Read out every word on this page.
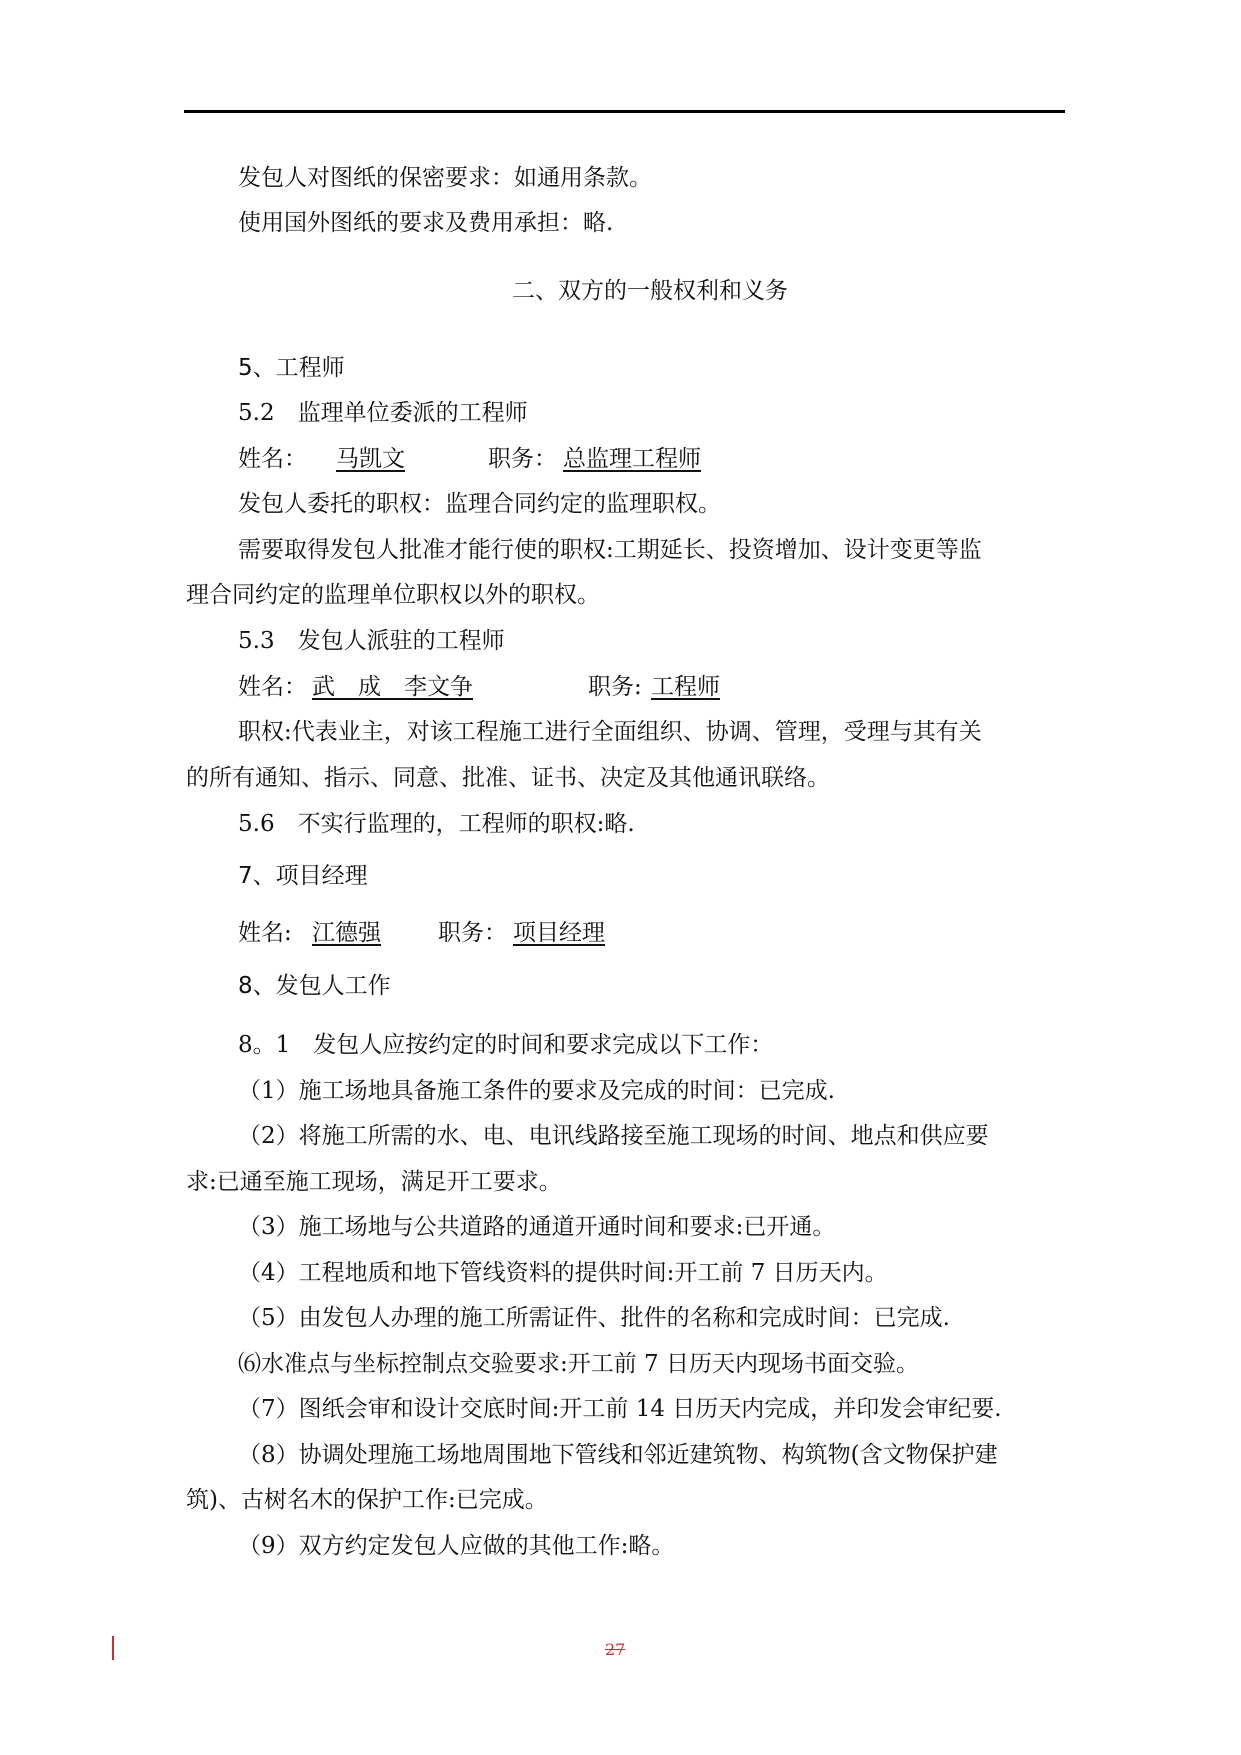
发包人对图纸的保密要求：如通用条款。
使用国外图纸的要求及费用承担：略.
二、双方的一般权利和义务
5、工程师
5.2　监理单位委派的工程师
姓名： 马凯文	职务： 总监理工程师
发包人委托的职权：监理合同约定的监理职权。
需要取得发包人批准才能行使的职权:工期延长、投资增加、设计变更等监
理合同约定的监理单位职权以外的职权。
5.3　发包人派驻的工程师
姓名： 武　成　李文争	职务: 工程师
职权:代表业主，对该工程施工进行全面组织、协调、管理，受理与其有关
的所有通知、指示、同意、批准、证书、决定及其他通讯联络。
5.6　不实行监理的，工程师的职权:略.
7、项目经理
姓名: 江德强 职务： 项目经理
8、发包人工作
8。1　发包人应按约定的时间和要求完成以下工作：
（1）施工场地具备施工条件的要求及完成的时间：已完成.
（2）将施工所需的水、电、电讯线路接至施工现场的时间、地点和供应要
求:已通至施工现场，满足开工要求。
（3）施工场地与公共道路的通道开通时间和要求:已开通。
（4）工程地质和地下管线资料的提供时间:开工前 7 日历天内。
（5）由发包人办理的施工所需证件、批件的名称和完成时间：已完成.
⑹水准点与坐标控制点交验要求:开工前 7 日历天内现场书面交验。
（7）图纸会审和设计交底时间:开工前 14 日历天内完成，并印发会审纪要.
（8）协调处理施工场地周围地下管线和邻近建筑物、构筑物(含文物保护建
筑)、古树名木的保护工作:已完成。
（9）双方约定发包人应做的其他工作:略。
27
